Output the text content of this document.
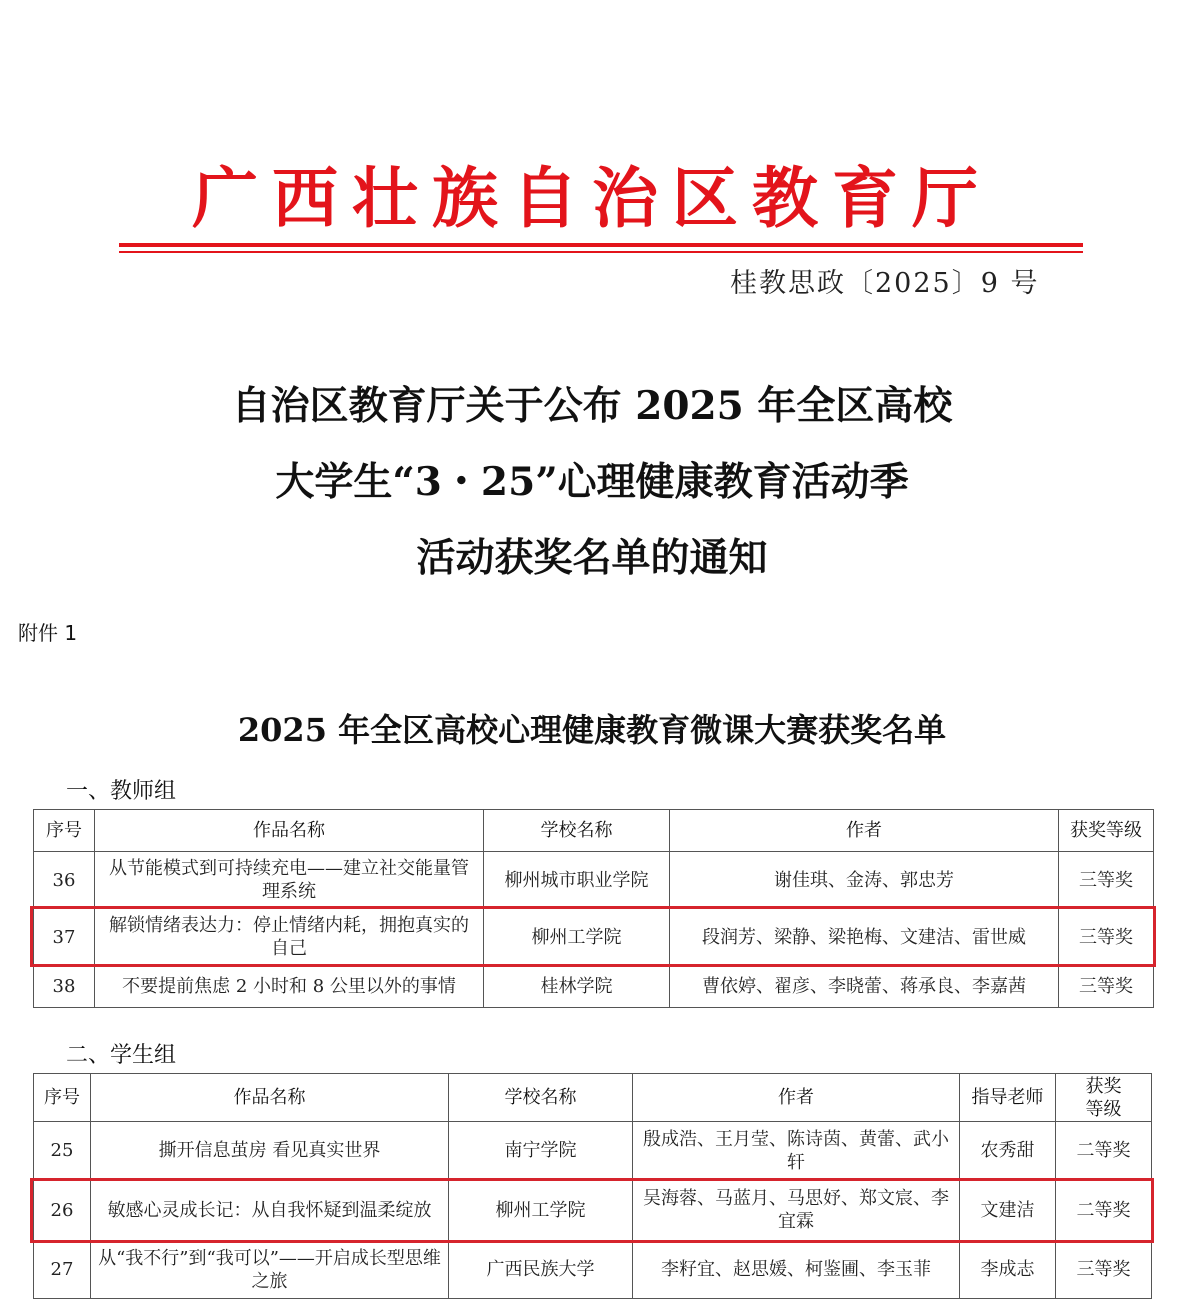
广西壮族自治区教育厅
桂教思政〔2025〕9 号
自治区教育厅关于公布 2025 年全区高校
大学生“3・25”心理健康教育活动季
活动获奖名单的通知
附件 1
2025 年全区高校心理健康教育微课大赛获奖名单
一、教师组
序号	作品名称	学校名称	作者	获奖等级
36	从节能模式到可持续充电——建立社交能量管理系统	柳州城市职业学院	谢佳琪、金涛、郭忠芳	三等奖
37	解锁情绪表达力：停止情绪内耗，拥抱真实的自己	柳州工学院	段润芳、梁静、梁艳梅、文建洁、雷世威	三等奖
38	不要提前焦虑 2 小时和 8 公里以外的事情	桂林学院	曹依婷、翟彦、李晓蕾、蒋承良、李嘉茜	三等奖
二、学生组
序号	作品名称	学校名称	作者	指导老师	获奖等级
25	撕开信息茧房 看见真实世界	南宁学院	殷成浩、王月莹、陈诗茵、黄蕾、武小轩	农秀甜	二等奖
26	敏感心灵成长记：从自我怀疑到温柔绽放	柳州工学院	吴海蓉、马蓝月、马思妤、郑文宸、李宜霖	文建洁	二等奖
27	从“我不行”到“我可以”——开启成长型思维之旅	广西民族大学	李籽宜、赵思媛、柯鉴圃、李玉菲	李成志	三等奖
